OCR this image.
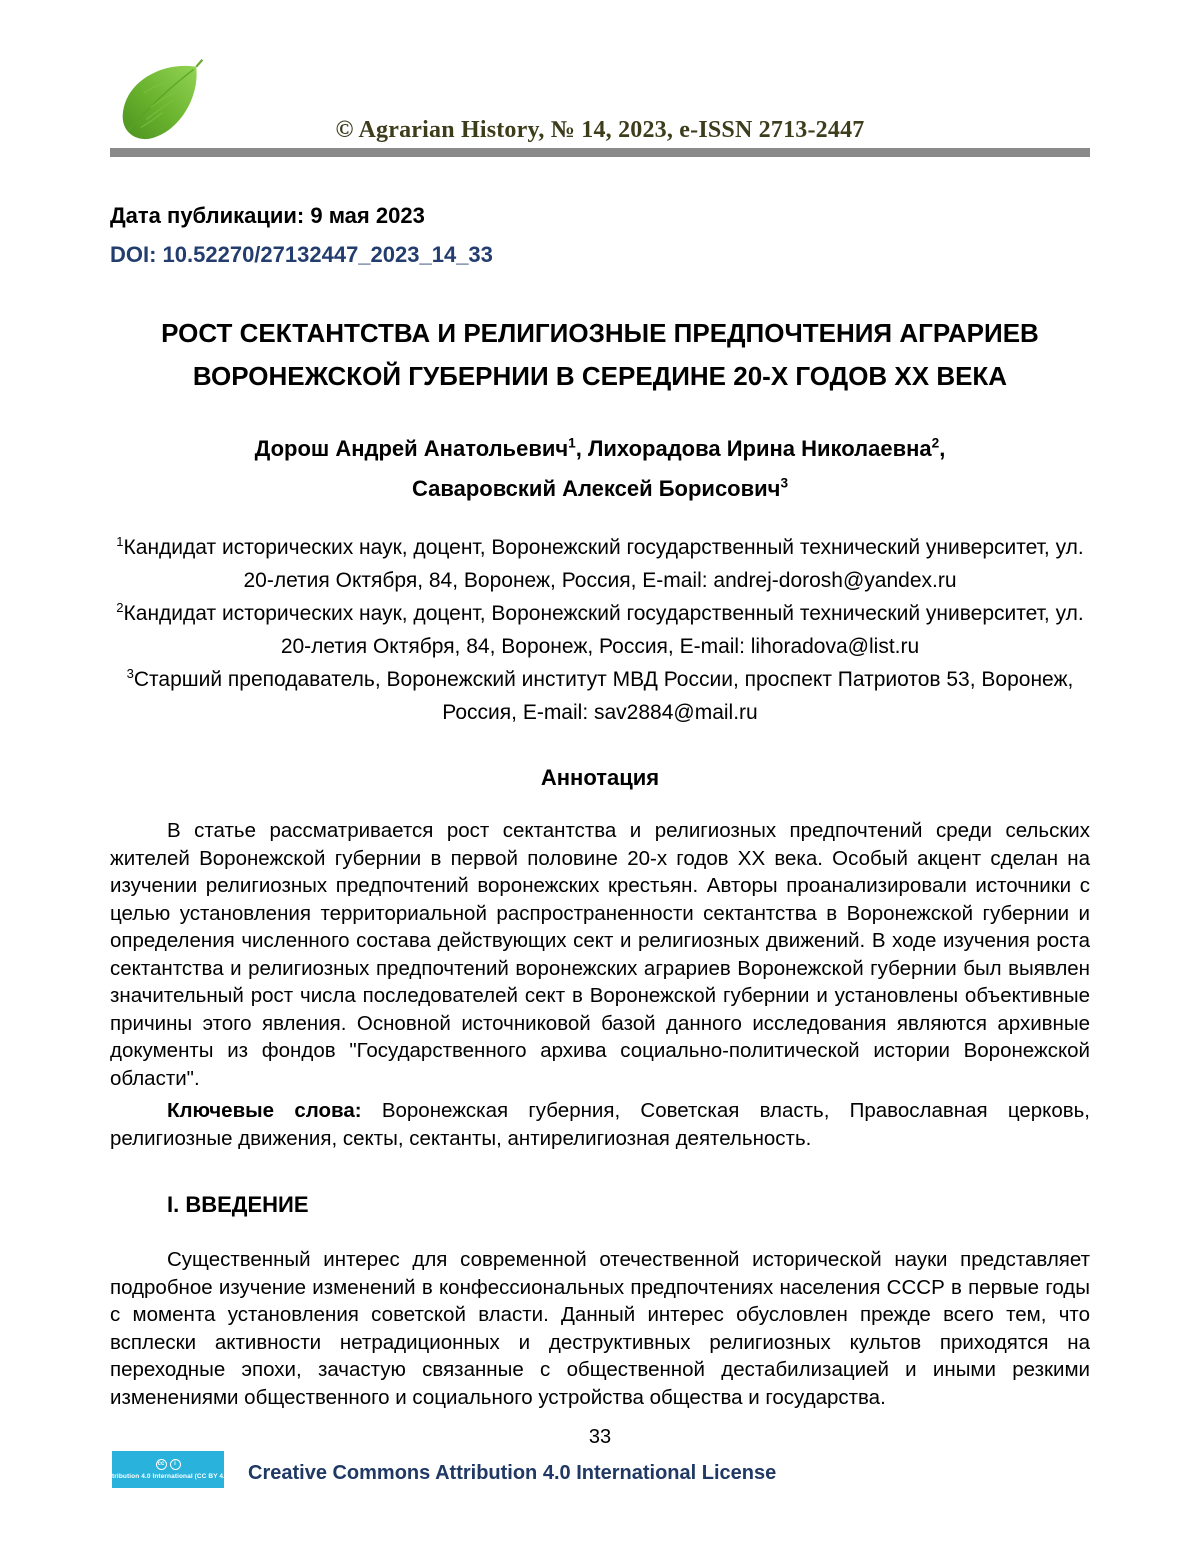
© Agrarian History, № 14, 2023, e-ISSN 2713-2447
Дата публикации: 9 мая 2023
DOI: 10.52270/27132447_2023_14_33
РОСТ СЕКТАНТСТВА И РЕЛИГИОЗНЫЕ ПРЕДПОЧТЕНИЯ АГРАРИЕВ ВОРОНЕЖСКОЙ ГУБЕРНИИ В СЕРЕДИНЕ 20-Х ГОДОВ XX ВЕКА
Дорош Андрей Анатольевич$^1$, Лихорадова Ирина Николаевна$^2$, Саваровский Алексей Борисович$^3$
$^1$Кандидат исторических наук, доцент, Воронежский государственный технический университет, ул. 20-летия Октября, 84, Воронеж, Россия, E-mail: andrej-dorosh@yandex.ru
$^2$Кандидат исторических наук, доцент, Воронежский государственный технический университет, ул. 20-летия Октября, 84, Воронеж, Россия, E-mail: lihoradova@list.ru
$^3$Старший преподаватель, Воронежский институт МВД России, проспект Патриотов 53, Воронеж, Россия, E-mail: sav2884@mail.ru
Аннотация

В статье рассматривается рост сектантства и религиозных предпочтений среди сельских жителей Воронежской губернии в первой половине 20-х годов XX века. Особый акцент сделан на изучении религиозных предпочтений воронежских крестьян. Авторы проанализировали источники с целью установления территориальной распространенности сектантства в Воронежской губернии и определения численного состава действующих сект и религиозных движений. В ходе изучения роста сектантства и религиозных предпочтений воронежских аграриев Воронежской губернии был выявлен значительный рост числа последователей сект в Воронежской губернии и установлены объективные причины этого явления. Основной источниковой базой данного исследования являются архивные документы из фондов "Государственного архива социально-политической истории Воронежской области".

Ключевые слова: Воронежская губерния, Советская власть, Православная церковь, религиозные движения, секты, сектанты, антирелигиозная деятельность.

I. ВВЕДЕНИЕ

Существенный интерес для современной отечественной исторической науки представляет подробное изучение изменений в конфессиональных предпочтениях населения СССР в первые годы с момента установления советской власти. Данный интерес обусловлен прежде всего тем, что всплески активности нетрадиционных и деструктивных религиозных культов приходятся на переходные эпохи, зачастую связанные с общественной дестабилизацией и иными резкими изменениями общественного и социального устройства общества и государства.

33
cc	i
Attribution 4.0 International (CC BY 4.0) Creative Commons Attribution 4.0 International License
